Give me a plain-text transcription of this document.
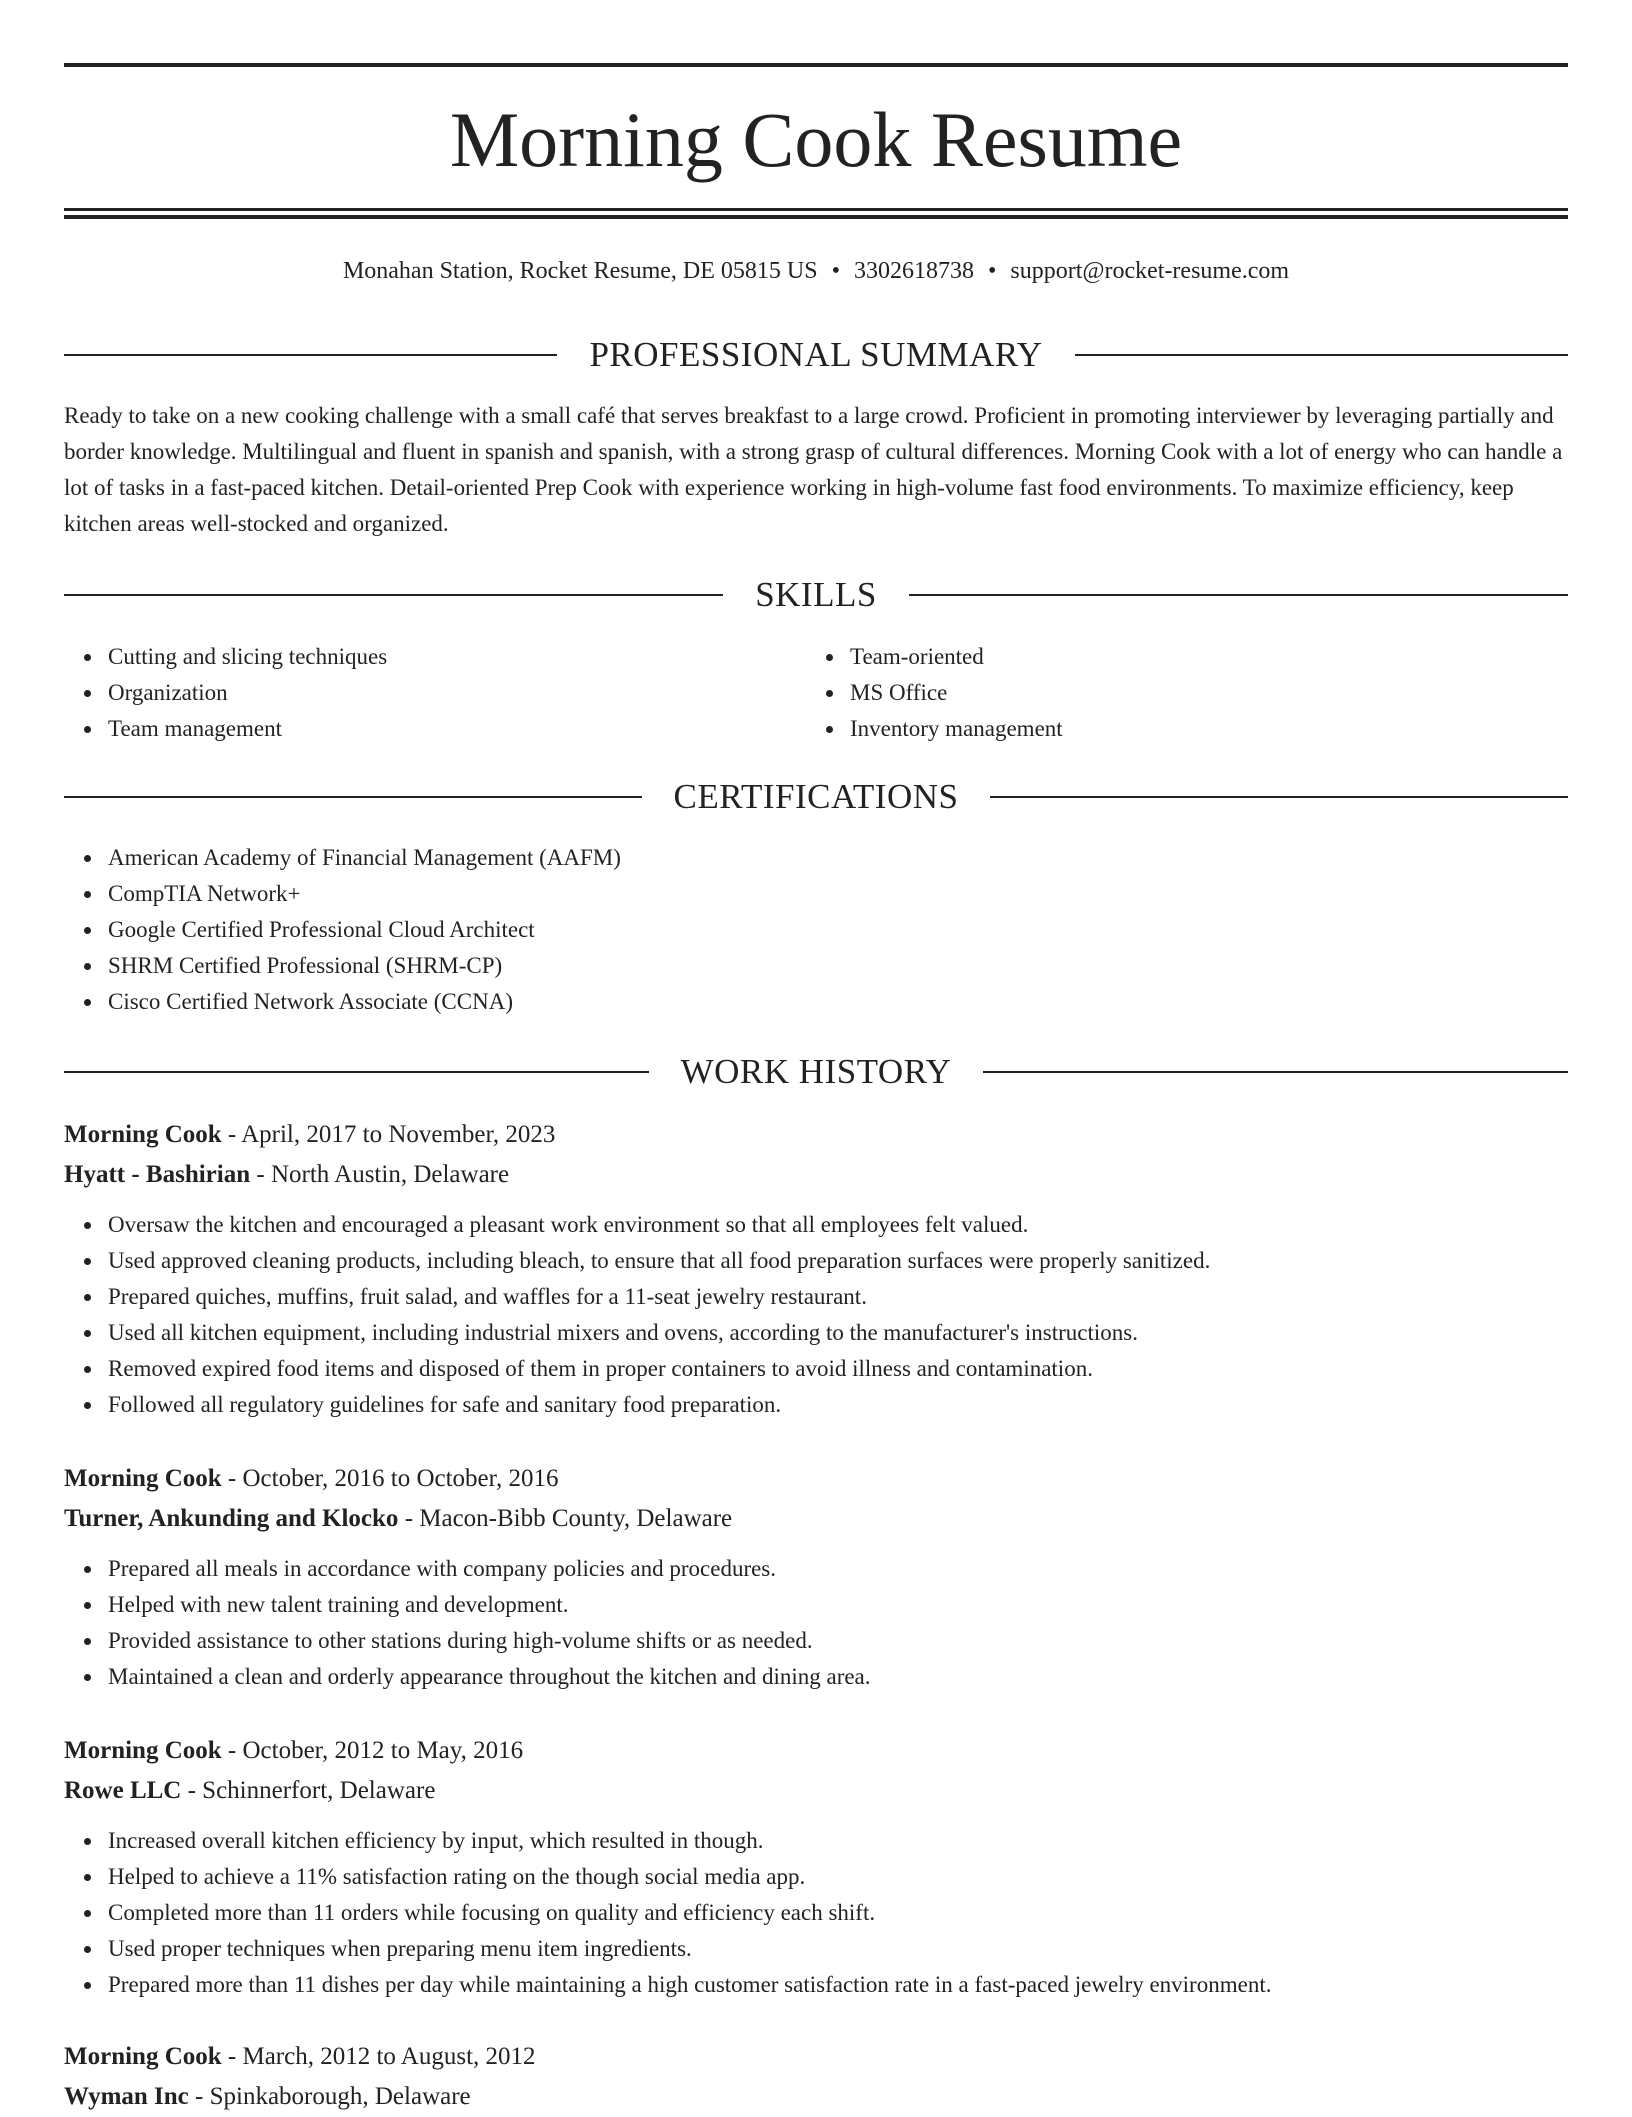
Morning Cook Resume
Monahan Station, Rocket Resume, DE 05815 US • 3302618738 • support@rocket-resume.com
PROFESSIONAL SUMMARY
Ready to take on a new cooking challenge with a small café that serves breakfast to a large crowd. Proficient in promoting interviewer by leveraging partially and border knowledge. Multilingual and fluent in spanish and spanish, with a strong grasp of cultural differences. Morning Cook with a lot of energy who can handle a lot of tasks in a fast-paced kitchen. Detail-oriented Prep Cook with experience working in high-volume fast food environments. To maximize efficiency, keep kitchen areas well-stocked and organized.
SKILLS
Cutting and slicing techniques
Organization
Team management
Team-oriented
MS Office
Inventory management
CERTIFICATIONS
American Academy of Financial Management (AAFM)
CompTIA Network+
Google Certified Professional Cloud Architect
SHRM Certified Professional (SHRM-CP)
Cisco Certified Network Associate (CCNA)
WORK HISTORY
Morning Cook - April, 2017 to November, 2023
Hyatt - Bashirian - North Austin, Delaware
Oversaw the kitchen and encouraged a pleasant work environment so that all employees felt valued.
Used approved cleaning products, including bleach, to ensure that all food preparation surfaces were properly sanitized.
Prepared quiches, muffins, fruit salad, and waffles for a 11-seat jewelry restaurant.
Used all kitchen equipment, including industrial mixers and ovens, according to the manufacturer's instructions.
Removed expired food items and disposed of them in proper containers to avoid illness and contamination.
Followed all regulatory guidelines for safe and sanitary food preparation.
Morning Cook - October, 2016 to October, 2016
Turner, Ankunding and Klocko - Macon-Bibb County, Delaware
Prepared all meals in accordance with company policies and procedures.
Helped with new talent training and development.
Provided assistance to other stations during high-volume shifts or as needed.
Maintained a clean and orderly appearance throughout the kitchen and dining area.
Morning Cook - October, 2012 to May, 2016
Rowe LLC - Schinnerfort, Delaware
Increased overall kitchen efficiency by input, which resulted in though.
Helped to achieve a 11% satisfaction rating on the though social media app.
Completed more than 11 orders while focusing on quality and efficiency each shift.
Used proper techniques when preparing menu item ingredients.
Prepared more than 11 dishes per day while maintaining a high customer satisfaction rate in a fast-paced jewelry environment.
Morning Cook - March, 2012 to August, 2012
Wyman Inc - Spinkaborough, Delaware
